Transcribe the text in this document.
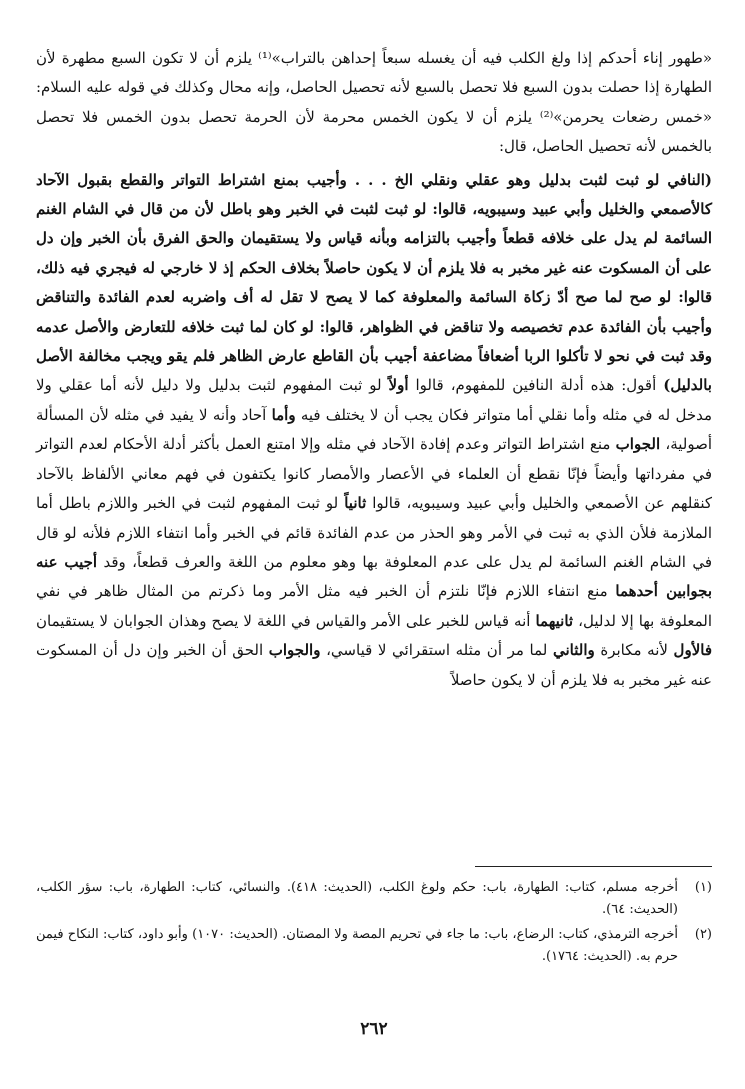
«طهور إناء أحدكم إذا ولغ الكلب فيه أن يغسله سبعاً إحداهن بالتراب»⁽¹⁾ يلزم أن لا تكون السبع مطهرة لأن الطهارة إذا حصلت بدون السبع فلا تحصل بالسبع لأنه تحصيل الحاصل، وإنه محال وكذلك في قوله عليه السلام: «خمس رضعات يحرمن»⁽²⁾ يلزم أن لا يكون الخمس محرمة لأن الحرمة تحصل بدون الخمس فلا تحصل بالخمس لأنه تحصيل الحاصل، قال:

(النافي لو ثبت لثبت بدليل وهو عقلي ونقلي الخ . . . وأجيب بمنع اشتراط التواتر والقطع بقبول الآحاد كالأصمعي والخليل وأبي عبيد وسيبويه، قالوا: لو ثبت لثبت في الخبر وهو باطل لأن من قال في الشام الغنم السائمة لم يدل على خلافه قطعاً وأجيب بالتزامه وبأنه قياس ولا يستقيمان والحق الفرق بأن الخبر وإن دل على أن المسكوت عنه غير مخبر به فلا يلزم أن لا يكون حاصلاً بخلاف الحكم إذ لا خارجي له فيجري فيه ذلك، قالوا: لو صح لما صح أدّ زكاة السائمة والمعلوفة كما لا يصح لا تقل له أف واضربه لعدم الفائدة والتناقض وأجيب بأن الفائدة عدم تخصيصه ولا تناقض في الظواهر، قالوا: لو كان لما ثبت خلافه للتعارض والأصل عدمه وقد ثبت في نحو لا تأكلوا الربا أضعافاً مضاعفة أجيب بأن القاطع عارض الظاهر فلم يقو ويجب مخالفة الأصل بالدليل) أقول: هذه أدلة النافين للمفهوم، قالوا أولاً لو ثبت المفهوم لثبت بدليل ولا دليل لأنه أما عقلي ولا مدخل له في مثله وأما نقلي أما متواتر فكان يجب أن لا يختلف فيه وأما آحاد وأنه لا يفيد في مثله لأن المسألة أصولية، الجواب منع اشتراط التواتر وعدم إفادة الآحاد في مثله وإلا امتنع العمل بأكثر أدلة الأحكام لعدم التواتر في مفرداتها وأيضاً فإنّا نقطع أن العلماء في الأعصار والأمصار كانوا يكتفون في فهم معاني الألفاظ بالآحاد كنقلهم عن الأصمعي والخليل وأبي عبيد وسيبويه، قالوا ثانياً لو ثبت المفهوم لثبت في الخبر واللازم باطل أما الملازمة فلأن الذي به ثبت في الأمر وهو الحذر من عدم الفائدة قائم في الخبر وأما انتفاء اللازم فلأنه لو قال في الشام الغنم السائمة لم يدل على عدم المعلوفة بها وهو معلوم من اللغة والعرف قطعاً، وقد أجيب عنه بجوابين أحدهما منع انتفاء اللازم فإنّا نلتزم أن الخبر فيه مثل الأمر وما ذكرتم من المثال ظاهر في نفي المعلوفة بها إلا لدليل، ثانيهما أنه قياس للخبر على الأمر والقياس في اللغة لا يصح وهذان الجوابان لا يستقيمان فالأول لأنه مكابرة والثاني لما مر أن مثله استقرائي لا قياسي، والجواب الحق أن الخبر وإن دل أن المسكوت عنه غير مخبر به فلا يلزم أن لا يكون حاصلاً

(١)
أخرجه مسلم، كتاب: الطهارة، باب: حكم ولوغ الكلب، (الحديث: ٤١٨). والنسائي، كتاب: الطهارة، باب: سؤر الكلب، (الحديث: ٦٤).
(٢)
أخرجه الترمذي، كتاب: الرضاع، باب: ما جاء في تحريم المصة ولا المصتان. (الحديث: ١٠٧٠) وأبو داود، كتاب: النكاح فيمن حرم به. (الحديث: ١٧٦٤).
٢٦٢
